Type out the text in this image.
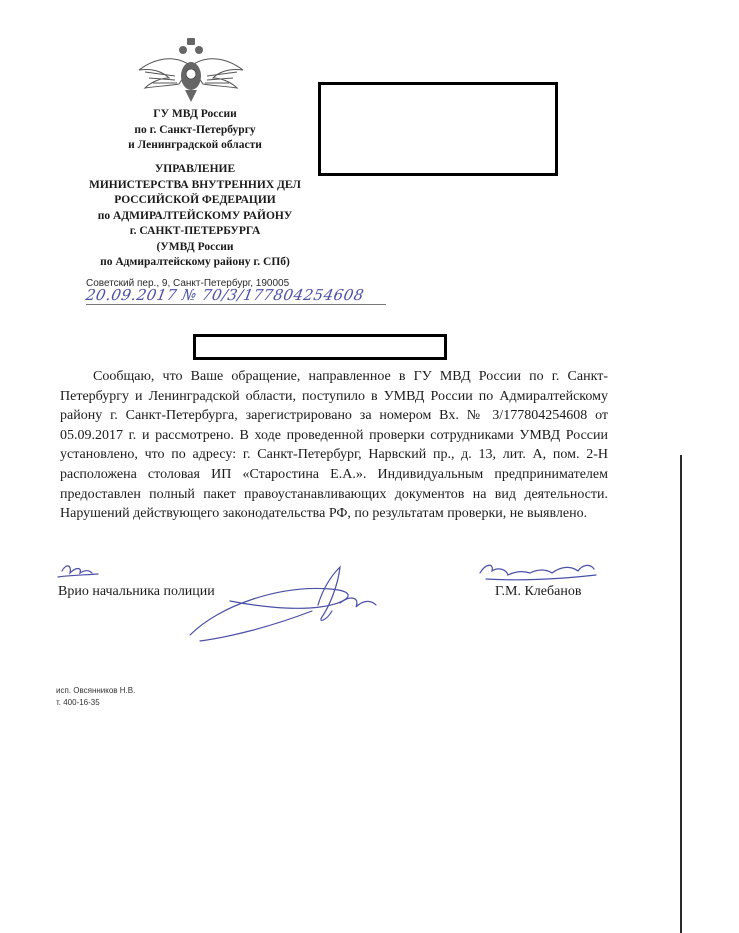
ГУ МВД России
по г. Санкт-Петербургу
и Ленинградской области
УПРАВЛЕНИЕ
МИНИСТЕРСТВА ВНУТРЕННИХ ДЕЛ
РОССИЙСКОЙ ФЕДЕРАЦИИ
по АДМИРАЛТЕЙСКОМУ РАЙОНУ
г. САНКТ-ПЕТЕРБУРГА
(УМВД России
по Адмиралтейскому району г. СПб)
Советский пер., 9, Санкт-Петербург, 190005
20.09.2017 № 70/3/177804254608

Сообщаю, что Ваше обращение, направленное в ГУ МВД России по г. Санкт-Петербургу и Ленинградской области, поступило в УМВД России по Адмиралтейскому району г. Санкт-Петербурга, зарегистрировано за номером Вх. № 3/177804254608 от 05.09.2017 г. и рассмотрено. В ходе проведенной проверки сотрудниками УМВД России установлено, что по адресу: г. Санкт-Петербург, Нарвский пр., д. 13, лит. А, пом. 2-Н расположена столовая ИП «Старостина Е.А.». Индивидуальным предпринимателем предоставлен полный пакет правоустанавливающих документов на вид деятельности. Нарушений действующего законодательства РФ, по результатам проверки, не выявлено.

Врио начальника полиции	Г.М. Клебанов
исп. Овсянников Н.В.
т. 400-16-35
